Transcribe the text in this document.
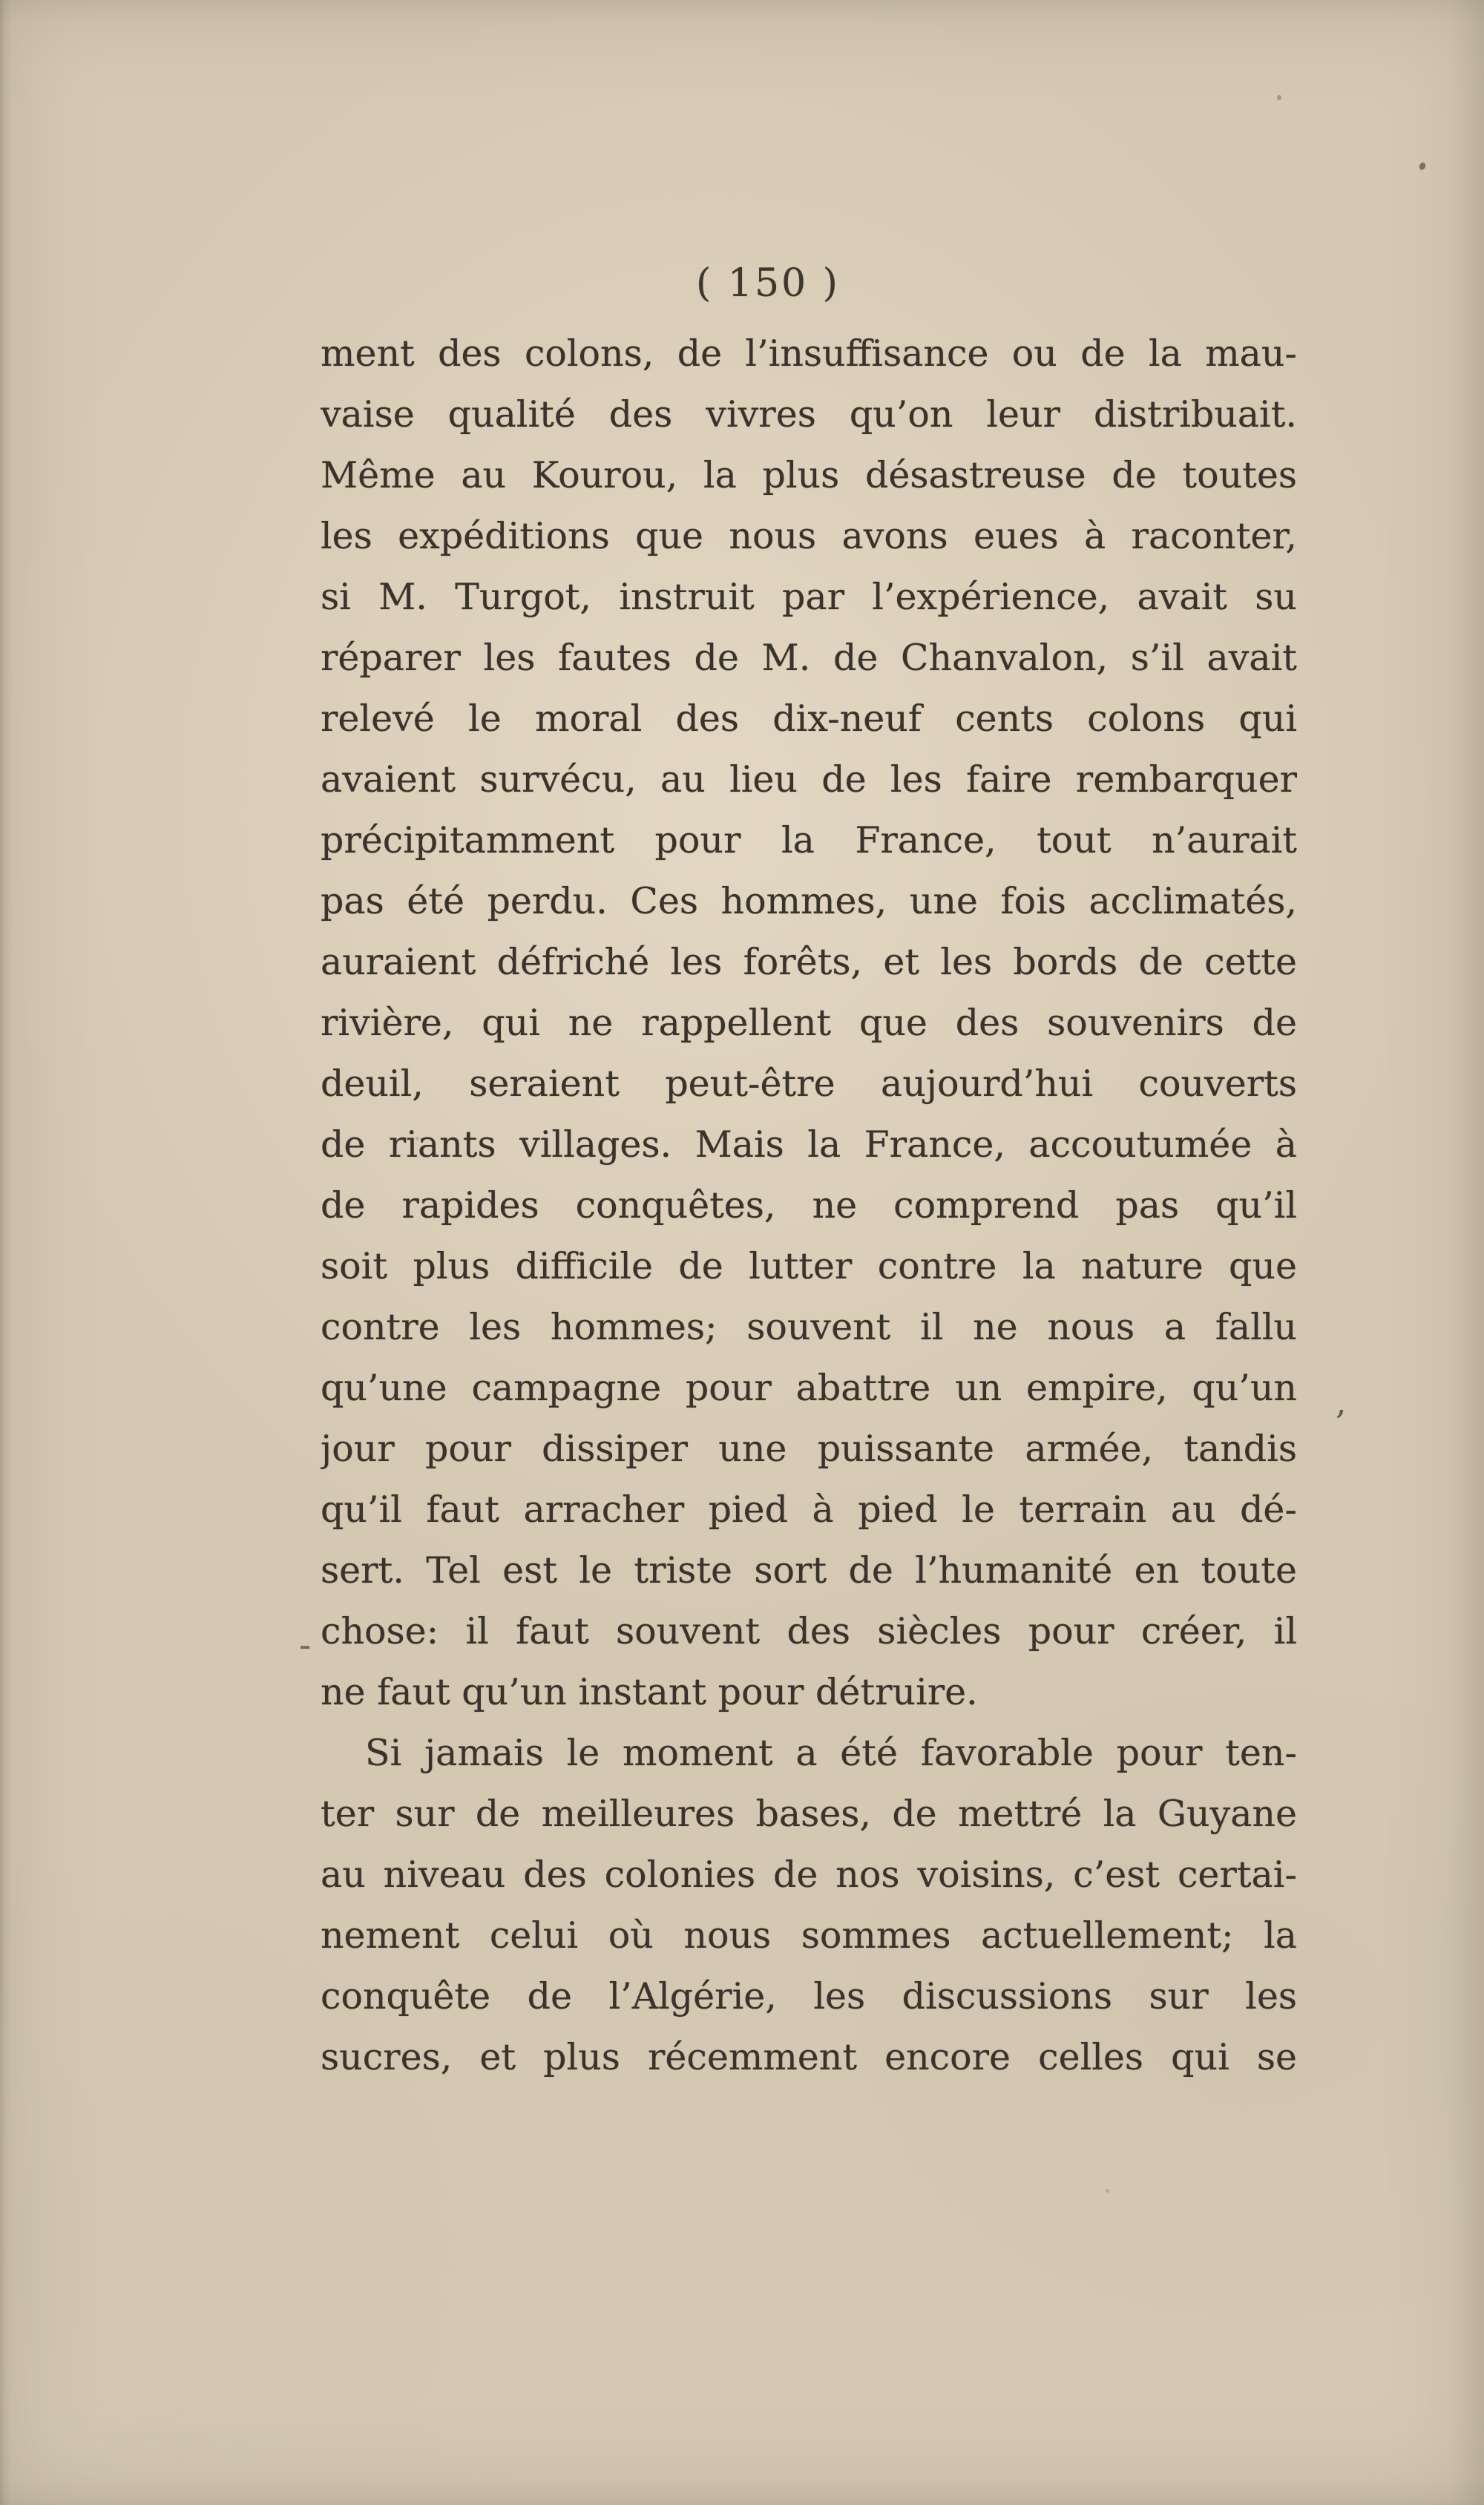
( 150 )
ment des colons, de l’insuffisance ou de la mau-
vaise qualité des vivres qu’on leur distribuait.
Même au Kourou, la plus désastreuse de toutes
les expéditions que nous avons eues à raconter,
si M. Turgot, instruit par l’expérience, avait su
réparer les fautes de M. de Chanvalon, s’il avait
relevé le moral des dix-neuf cents colons qui
avaient survécu, au lieu de les faire rembarquer
précipitamment pour la France, tout n’aurait
pas été perdu. Ces hommes, une fois acclimatés,
auraient défriché les forêts, et les bords de cette
rivière, qui ne rappellent que des souvenirs de
deuil, seraient peut-être aujourd’hui couverts
de riants villages. Mais la France, accoutumée à
de rapides conquêtes, ne comprend pas qu’il
soit plus difficile de lutter contre la nature que
contre les hommes; souvent il ne nous a fallu
qu’une campagne pour abattre un empire, qu’un
jour pour dissiper une puissante armée, tandis
qu’il faut arracher pied à pied le terrain au dé-
sert. Tel est le triste sort de l’humanité en toute
chose: il faut souvent des siècles pour créer, il
ne faut qu’un instant pour détruire.
Si jamais le moment a été favorable pour ten-
ter sur de meilleures bases, de mettré la Guyane
au niveau des colonies de nos voisins, c’est certai-
nement celui où nous sommes actuellement; la
conquête de l’Algérie, les discussions sur les
sucres, et plus récemment encore celles qui se
-
,
